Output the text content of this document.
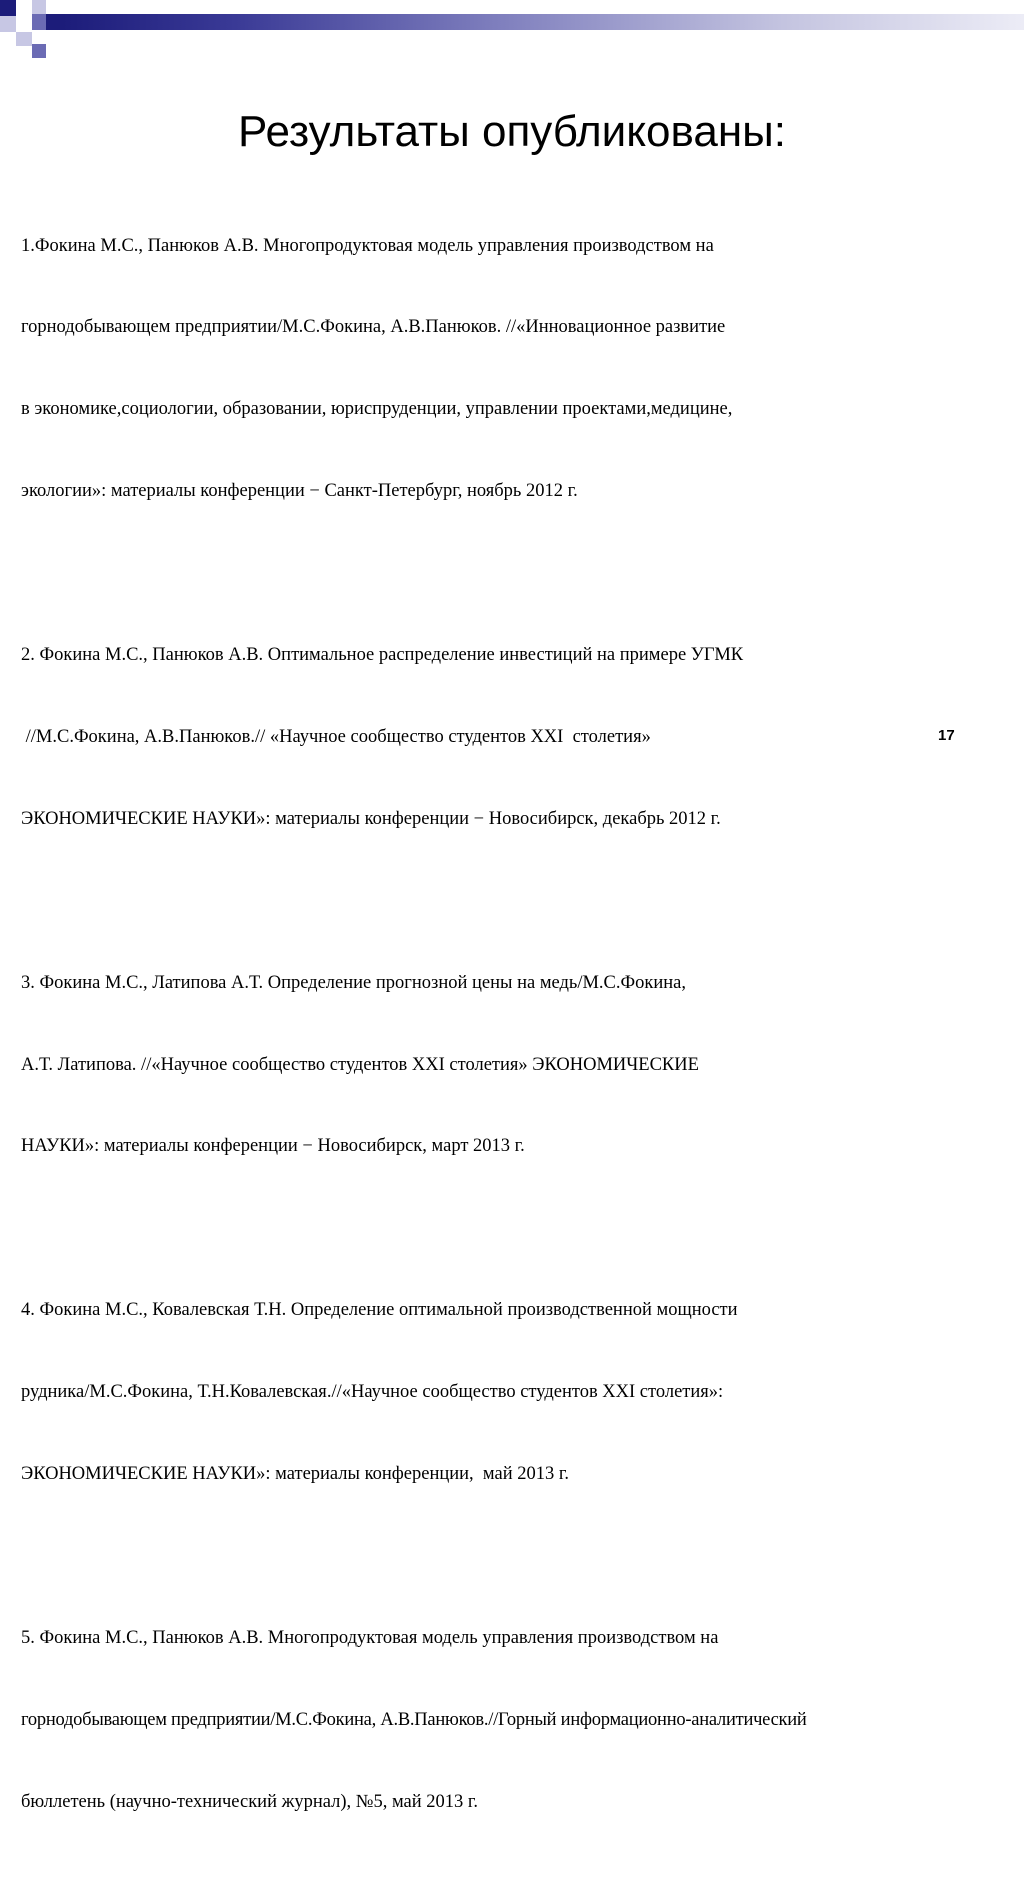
Результаты опубликованы:

1.Фокина М.С., Панюков А.В. Многопродуктовая модель управления производством на

горнодобывающем предприятии/М.С.Фокина, А.В.Панюков. //«Инновационное развитие

в экономике,социологии, образовании, юриспруденции, управлении проектами,медицине,

экологии»: материалы конференции − Санкт-Петербург, ноябрь 2012 г.

2. Фокина М.С., Панюков А.В. Оптимальное распределение инвестиций на примере УГМК

//М.С.Фокина, А.В.Панюков.// «Научное сообщество студентов XXI  столетия»

ЭКОНОМИЧЕСКИЕ НАУКИ»: материалы конференции − Новосибирск, декабрь 2012 г.

3. Фокина М.С., Латипова А.Т. Определение прогнозной цены на медь/М.С.Фокина,

А.Т. Латипова. //«Научное сообщество студентов XXI столетия» ЭКОНОМИЧЕСКИЕ

НАУКИ»: материалы конференции − Новосибирск, март 2013 г.

4. Фокина М.С., Ковалевская Т.Н. Определение оптимальной производственной мощности

рудника/М.С.Фокина, Т.Н.Ковалевская.//«Научное сообщество студентов XXI столетия»:

ЭКОНОМИЧЕСКИЕ НАУКИ»: материалы конференции,  май 2013 г.

5. Фокина М.С., Панюков А.В. Многопродуктовая модель управления производством на

горнодобывающем предприятии/М.С.Фокина, А.В.Панюков.//Горный информационно-аналитический

бюллетень (научно-технический журнал), №5, май 2013 г.

17
